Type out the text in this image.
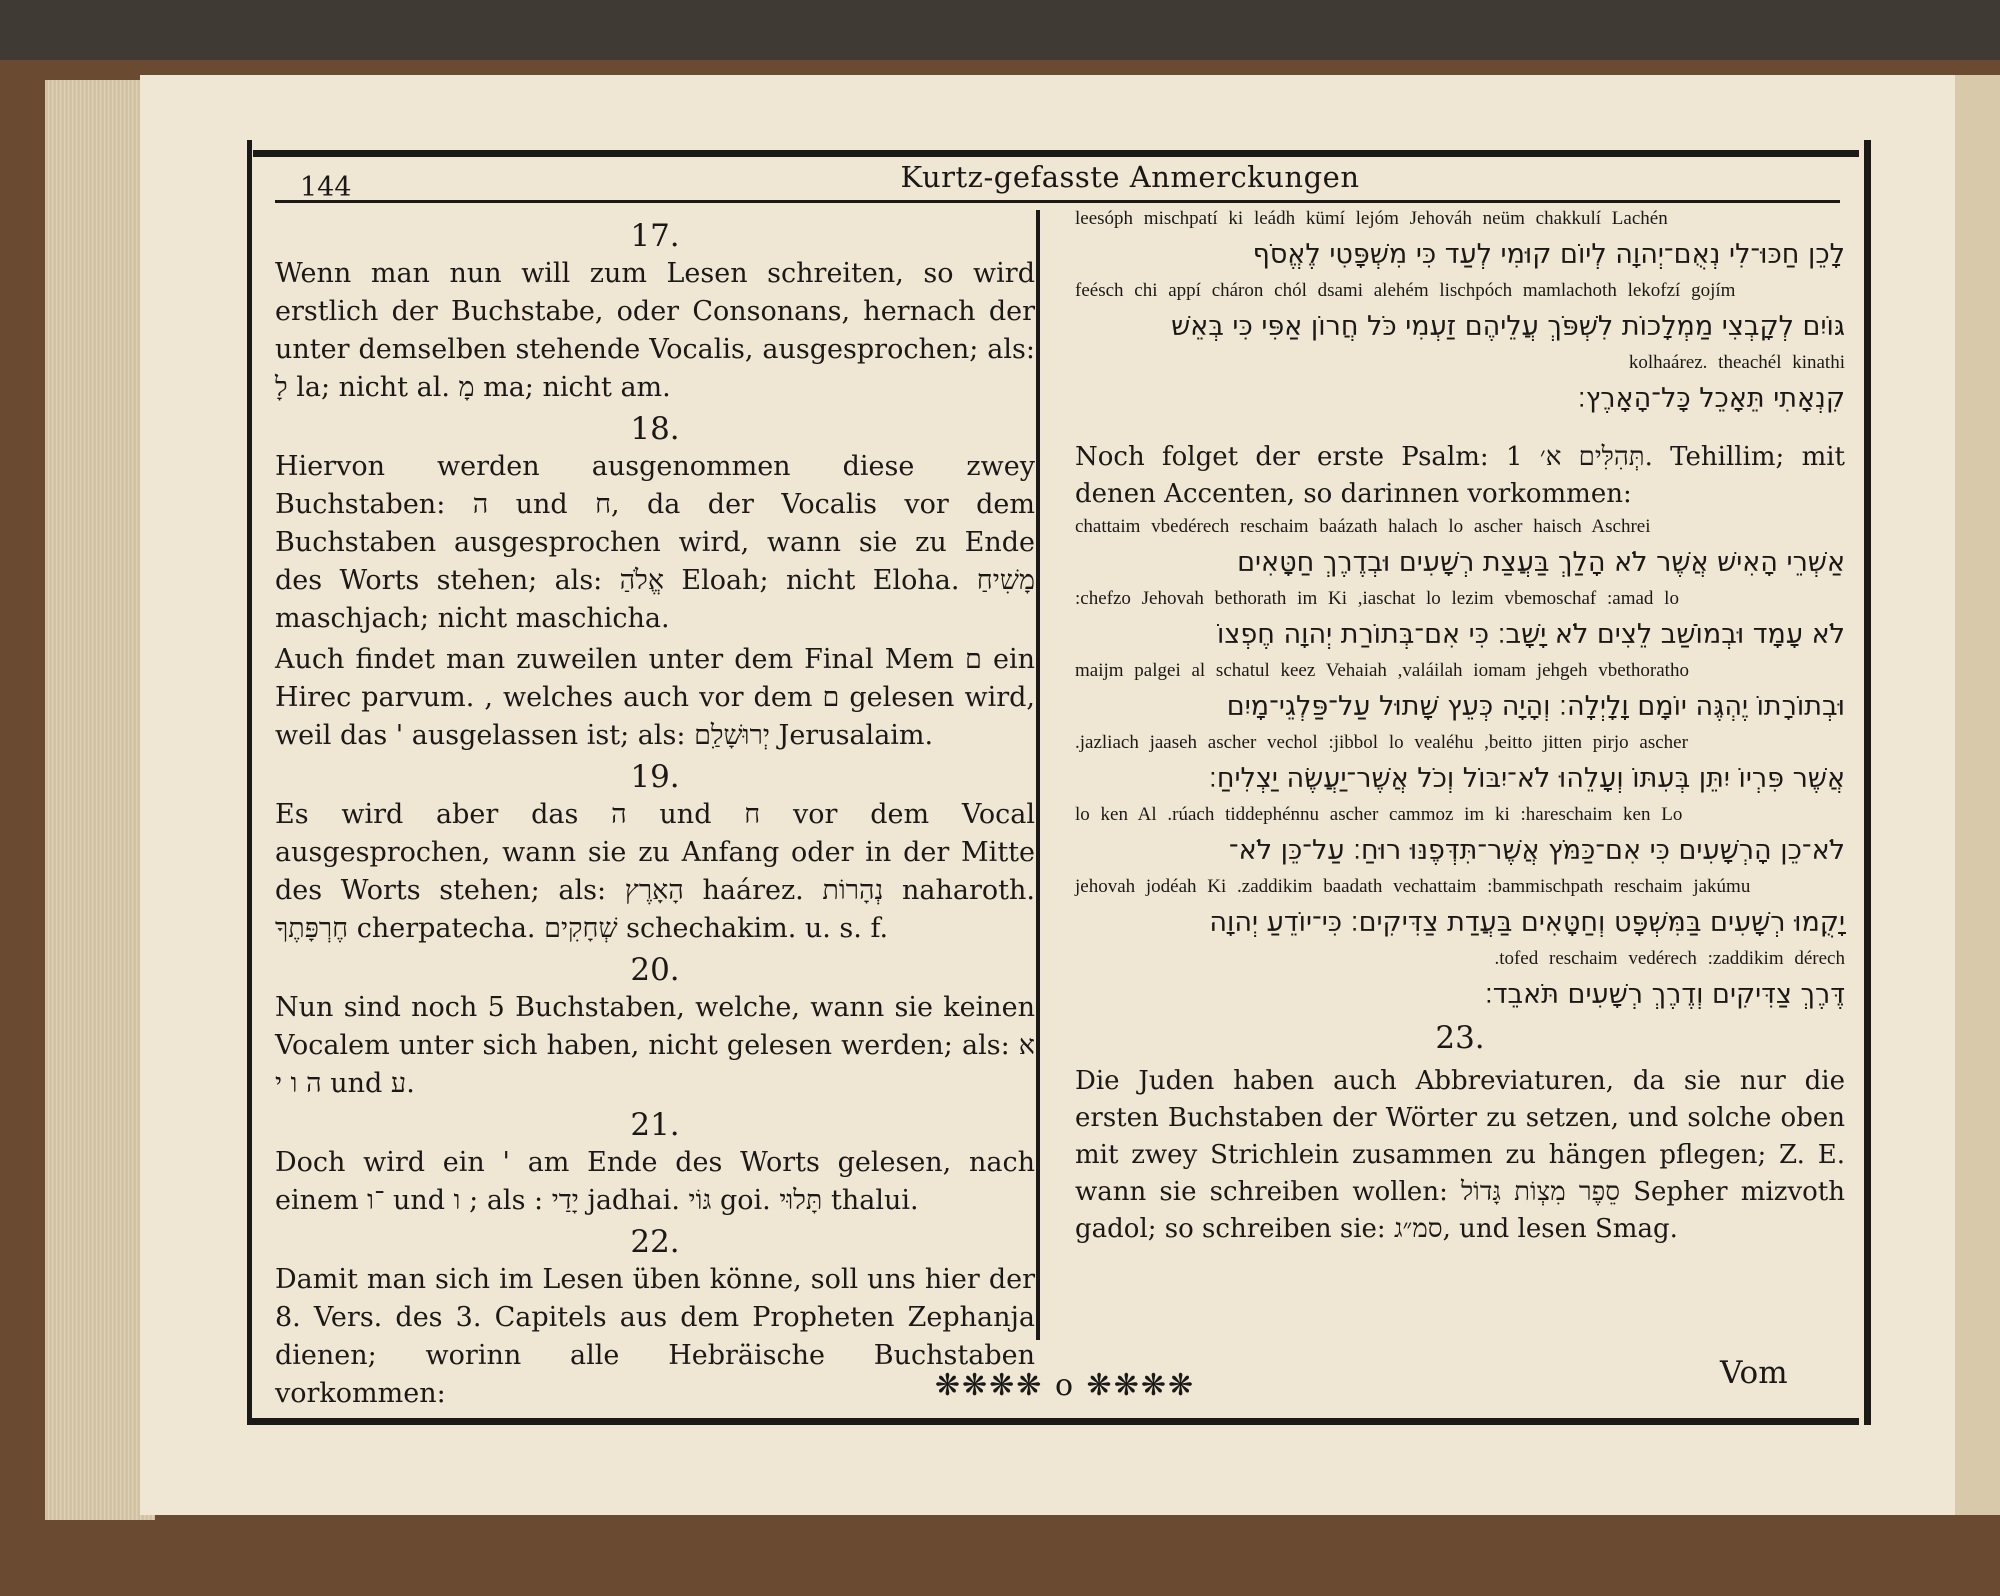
144	Kurtz-gefasste Anmerckungen
17.
Wenn man nun will zum Lesen schreiten, so wird erstlich der Buchstabe, oder Consonans, hernach der unter demselben stehende Vocalis, ausgesprochen; als: לָ la; nicht al. מָ ma; nicht am.
18.
Hiervon werden ausgenommen diese zwey Buchstaben: ה und ח, da der Vocalis vor dem Buchstaben ausgesprochen wird, wann sie zu Ende des Worts stehen; als: אֱלֹהַ Eloah; nicht Eloha. מָשִׁיחַ maschjach; nicht maschicha.
Auch findet man zuweilen unter dem Final Mem ם ein Hirec parvum. , welches auch vor dem ם gelesen wird, weil das ' ausgelassen ist; als: יְרוּשָׁלִַם Jerusalaim.
19.
Es wird aber das ה und ח vor dem Vocal ausgesprochen, wann sie zu Anfang oder in der Mitte des Worts stehen; als: הָאָרֶץ haárez. נְהָרוֹת naharoth. חֶרְפָּתֶךָ cherpatecha. שְׁחָקִים schechakim. u. s. f.
20.
Nun sind noch 5 Buchstaben, welche, wann sie keinen Vocalem unter sich haben, nicht gelesen werden; als: א ה ו י und ע.
21.
Doch wird ein ' am Ende des Worts gelesen, nach einem ־ו und ו ; als : יָדַי jadhai. גּוֹי goi. תָּלוּי thalui.
22.
Damit man sich im Lesen üben könne, soll uns hier der 8. Vers. des 3. Capitels aus dem Propheten Zephanja dienen; worinn alle Hebräische Buchstaben vorkommen:
leesóph mischpatí ki leádh kümí lejóm Jehováh neüm chakkulí Lachén
לָכֵן חַכּוּ־לִי נְאֻם־יְהוָה לְיוֹם קוּמִי לְעַד כִּי מִשְׁפָּטִי לֶאֱסֹף
feésch chi appí cháron chól dsami alehém lischpóch mamlachoth lekofzí gojím
גּוֹיִם לְקָבְצִי מַמְלָכוֹת לִשְׁפֹּךְ עֲלֵיהֶם זַעְמִי כֹּל חֲרוֹן אַפִּי כִּי בְּאֵשׁ
kolhaárez. theachél kinathi
קִנְאָתִי תֵּאָכֵל כָּל־הָאָרֶץ׃
Noch folget der erste Psalm: תְּהִלִּים א׳ 1. Tehillim; mit denen Accenten, so darinnen vorkommen:
chattaim vbedérech reschaim baázath halach lo ascher haisch Aschrei
אַשְׁרֵי הָאִישׁ אֲשֶׁר לֹא הָלַךְ בַּעֲצַת רְשָׁעִים וּבְדֶרֶךְ חַטָּאִים
:chefzo Jehovah bethorath im Ki ,iaschat lo lezim vbemoschaf :amad lo
לֹא עָמָד וּבְמוֹשַׁב לֵצִים לֹא יָשָׁב׃ כִּי אִם־בְּתוֹרַת יְהוָה חֶפְצוֹ
maijm palgei al schatul keez Vehaiah ,valáilah iomam jehgeh vbethoratho
וּבְתוֹרָתוֹ יֶהְגֶּה יוֹמָם וָלָיְלָה׃ וְהָיָה כְּעֵץ שָׁתוּל עַל־פַּלְגֵי־מָיִם
.jazliach jaaseh ascher vechol :jibbol lo vealéhu ,beitto jitten pirjo ascher
אֲשֶׁר פִּרְיוֹ יִתֵּן בְּעִתּוֹ וְעָלֵהוּ לֹא־יִבּוֹל וְכֹל אֲשֶׁר־יַעֲשֶׂה יַצְלִיחַ׃
lo ken Al .rúach tiddephénnu ascher cammoz im ki :hareschaim ken Lo
לֹא־כֵן הָרְשָׁעִים כִּי אִם־כַּמֹּץ אֲשֶׁר־תִּדְּפֶנּוּ רוּחַ׃ עַל־כֵּן לֹא־
jehovah jodéah Ki .zaddikim baadath vechattaim :bammischpath reschaim jakúmu
יָקֻמוּ רְשָׁעִים בַּמִּשְׁפָּט וְחַטָּאִים בַּעֲדַת צַדִּיקִים׃ כִּי־יוֹדֵעַ יְהוָה
.tofed reschaim vedérech :zaddikim dérech
דֶּרֶךְ צַדִּיקִים וְדֶרֶךְ רְשָׁעִים תֹּאבֵד׃
23.
Die Juden haben auch Abbreviaturen, da sie nur die ersten Buchstaben der Wörter zu setzen, und solche oben mit zwey Strichlein zusammen zu hängen pflegen; Z. E. wann sie schreiben wollen: סֵפֶר מִצְוֹת גָּדוֹל Sepher mizvoth gadol; so schreiben sie: סמ״ג, und lesen Smag.
❋❋❋❋ o ❋❋❋❋	Vom
